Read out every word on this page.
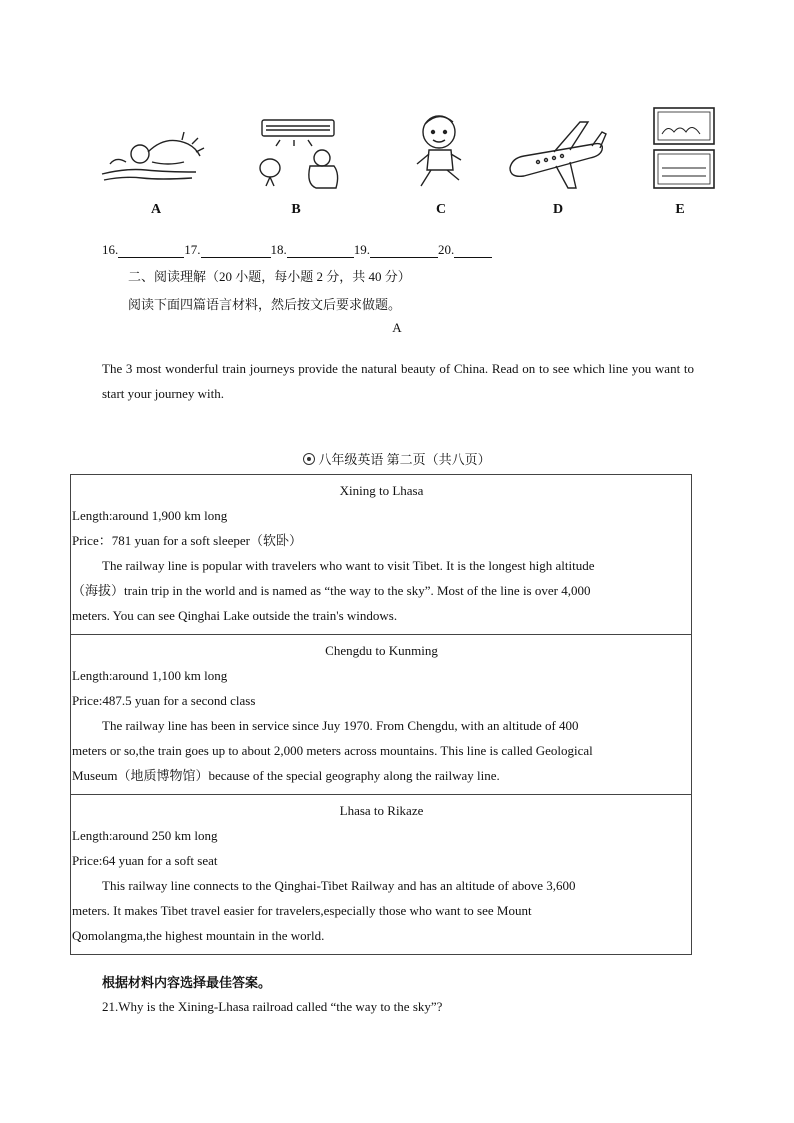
A	B	C	D	E
16.	17.	18.	19.	20.
二、阅读理解（20 小题，每小题 2 分，共 40 分）
阅读下面四篇语言材料，然后按文后要求做题。
A
The 3 most wonderful train journeys provide the natural beauty of China. Read on to see which line you want to start your journey with.
八年级英语 第二页（共八页）
Xining to Lhasa
Length:around 1,900 km long
Price：781 yuan for a soft sleeper（软卧）
The railway line is popular with travelers who want to visit Tibet. It is the longest high altitude（海拔）train trip in the world and is named as “the way to the sky”. Most of the line is over 4,000 meters. You can see Qinghai Lake outside the train's windows.

Chengdu to Kunming
Length:around 1,100 km long
Price:487.5 yuan for a second class
The railway line has been in service since Juy 1970. From Chengdu, with an altitude of 400 meters or so,the train goes up to about 2,000 meters across mountains. This line is called Geological Museum（地质博物馆）because of the special geography along the railway line.

Lhasa to Rikaze
Length:around 250 km long
Price:64 yuan for a soft seat
This railway line connects to the Qinghai-Tibet Railway and has an altitude of above 3,600 meters. It makes Tibet travel easier for travelers,especially those who want to see Mount Qomolangma,the highest mountain in the world.
根据材料内容选择最佳答案。
21.Why is the Xining-Lhasa railroad called “the way to the sky”?
